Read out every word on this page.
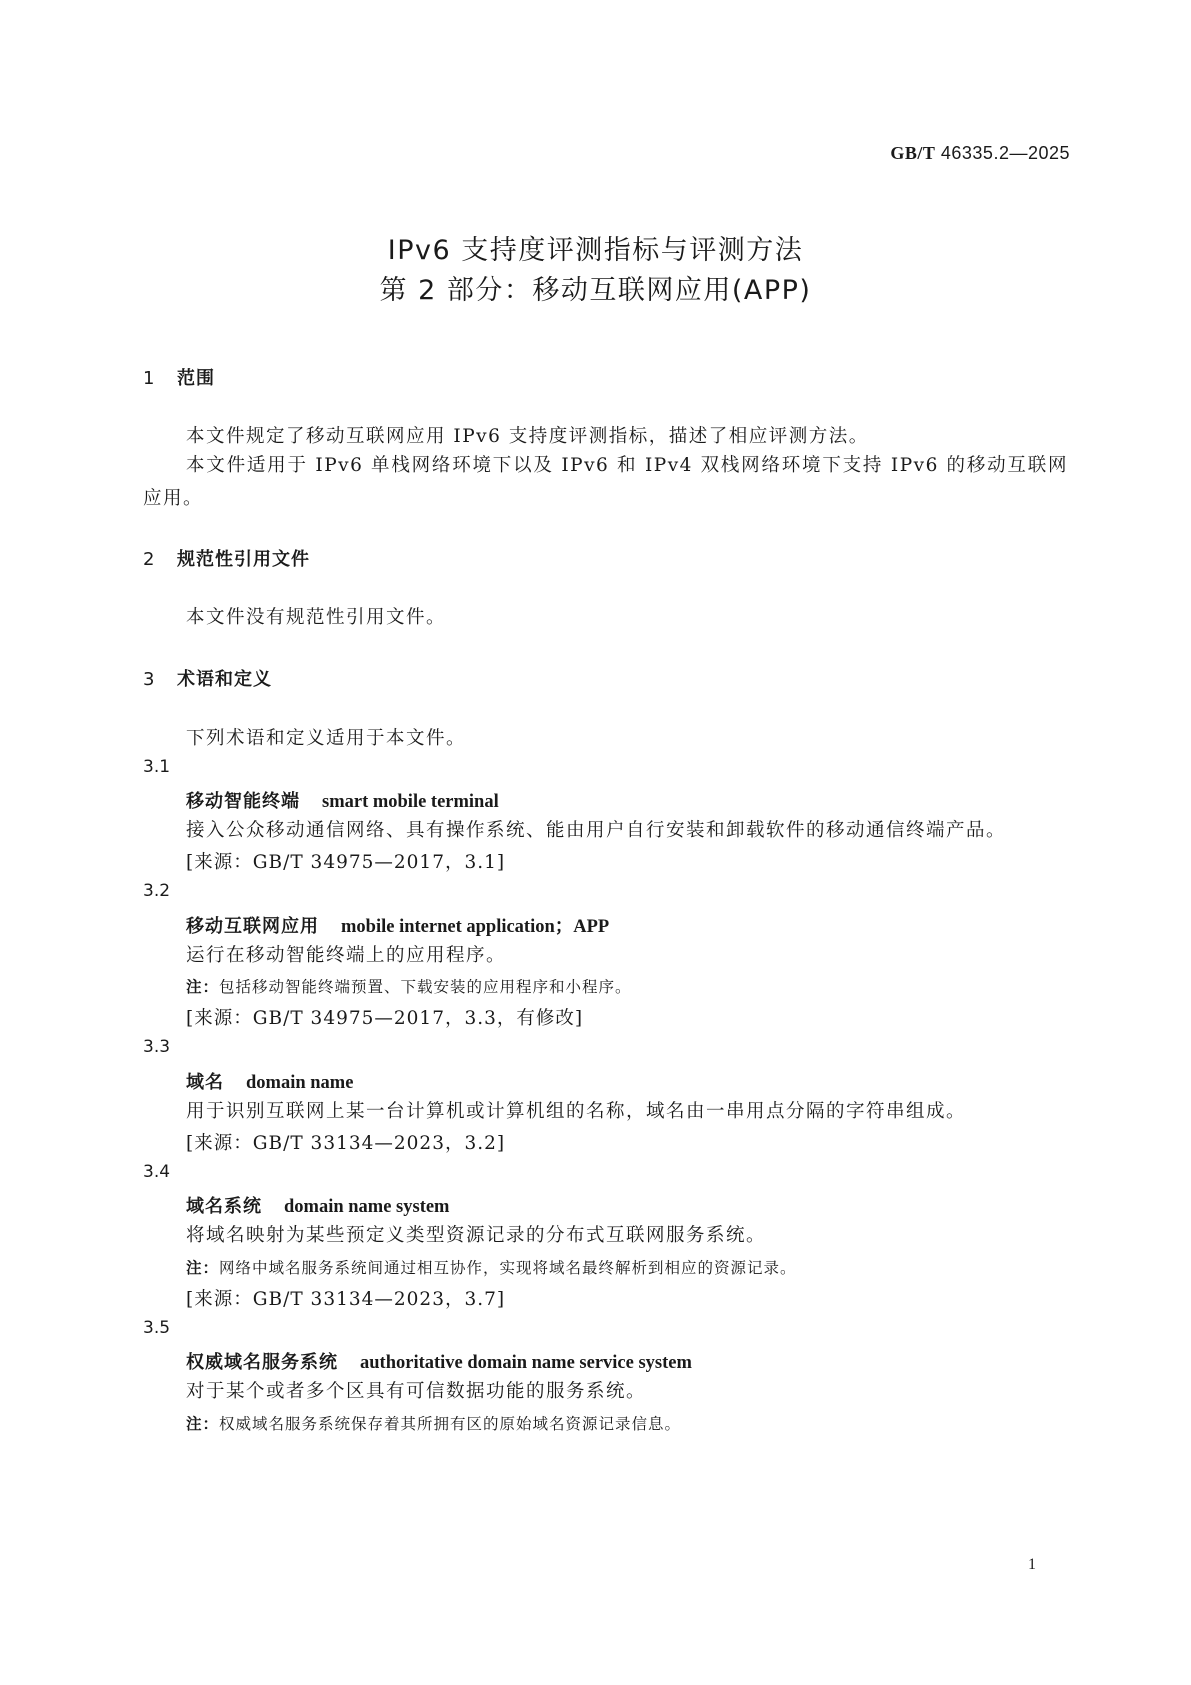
GB/T 46335.2—2025
IPv6 支持度评测指标与评测方法
第 2 部分：移动互联网应用(APP)
1 范围
本文件规定了移动互联网应用 IPv6 支持度评测指标，描述了相应评测方法。
本文件适用于 IPv6 单栈网络环境下以及 IPv6 和 IPv4 双栈网络环境下支持 IPv6 的移动互联网应用。
2 规范性引用文件
本文件没有规范性引用文件。
3 术语和定义
下列术语和定义适用于本文件。
3.1
移动智能终端 smart mobile terminal
接入公众移动通信网络、具有操作系统、能由用户自行安装和卸载软件的移动通信终端产品。
[来源：GB/T 34975—2017，3.1]
3.2
移动互联网应用 mobile internet application；APP
运行在移动智能终端上的应用程序。
注：包括移动智能终端预置、下载安装的应用程序和小程序。
[来源：GB/T 34975—2017，3.3，有修改]
3.3
域名 domain name
用于识别互联网上某一台计算机或计算机组的名称，域名由一串用点分隔的字符串组成。
[来源：GB/T 33134—2023，3.2]
3.4
域名系统 domain name system
将域名映射为某些预定义类型资源记录的分布式互联网服务系统。
注：网络中域名服务系统间通过相互协作，实现将域名最终解析到相应的资源记录。
[来源：GB/T 33134—2023，3.7]
3.5
权威域名服务系统 authoritative domain name service system
对于某个或者多个区具有可信数据功能的服务系统。
注：权威域名服务系统保存着其所拥有区的原始域名资源记录信息。
1
